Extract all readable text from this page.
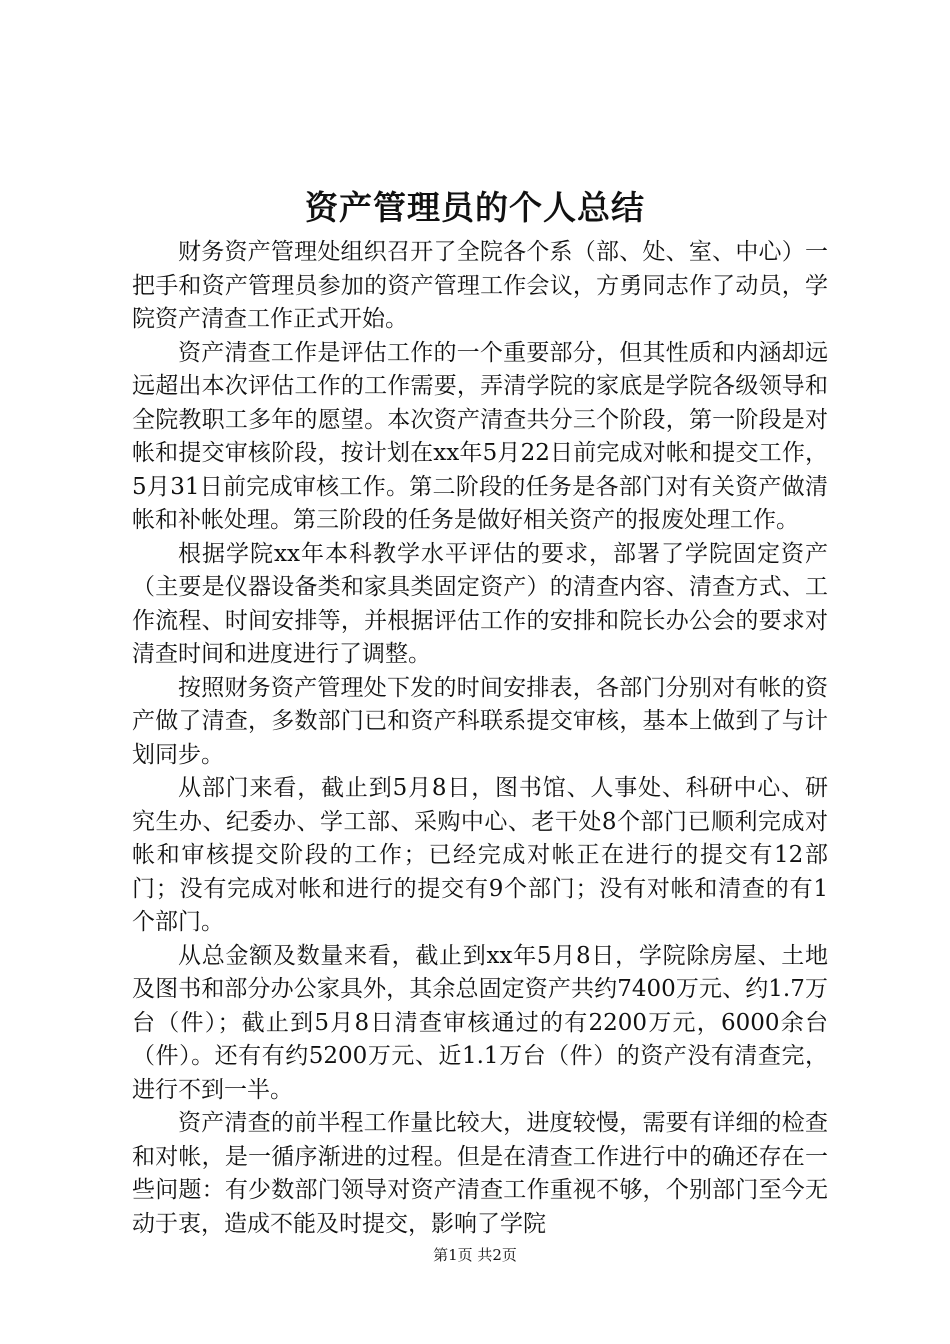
资产管理员的个人总结

财务资产管理处组织召开了全院各个系（部、处、室、中心）一把手和资产管理员参加的资产管理工作会议，方勇同志作了动员，学院资产清查工作正式开始。

资产清查工作是评估工作的一个重要部分，但其性质和内涵却远远超出本次评估工作的工作需要，弄清学院的家底是学院各级领导和全院教职工多年的愿望。本次资产清查共分三个阶段，第一阶段是对帐和提交审核阶段，按计划在xx年5月22日前完成对帐和提交工作，5月31日前完成审核工作。第二阶段的任务是各部门对有关资产做清帐和补帐处理。第三阶段的任务是做好相关资产的报废处理工作。

根据学院xx年本科教学水平评估的要求，部署了学院固定资产（主要是仪器设备类和家具类固定资产）的清查内容、清查方式、工作流程、时间安排等，并根据评估工作的安排和院长办公会的要求对清查时间和进度进行了调整。

按照财务资产管理处下发的时间安排表，各部门分别对有帐的资产做了清查，多数部门已和资产科联系提交审核，基本上做到了与计划同步。

从部门来看，截止到5月8日，图书馆、人事处、科研中心、研究生办、纪委办、学工部、采购中心、老干处8个部门已顺利完成对帐和审核提交阶段的工作；已经完成对帐正在进行的提交有12部门；没有完成对帐和进行的提交有9个部门；没有对帐和清查的有1个部门。

从总金额及数量来看，截止到xx年5月8日，学院除房屋、土地及图书和部分办公家具外，其余总固定资产共约7400万元、约1.7万台（件）；截止到5月8日清查审核通过的有2200万元，6000余台（件）。还有有约5200万元、近1.1万台（件）的资产没有清查完，进行不到一半。

资产清查的前半程工作量比较大，进度较慢，需要有详细的检查和对帐，是一循序渐进的过程。但是在清查工作进行中的确还存在一些问题：有少数部门领导对资产清查工作重视不够，个别部门至今无动于衷，造成不能及时提交，影响了学院

第1页 共2页
